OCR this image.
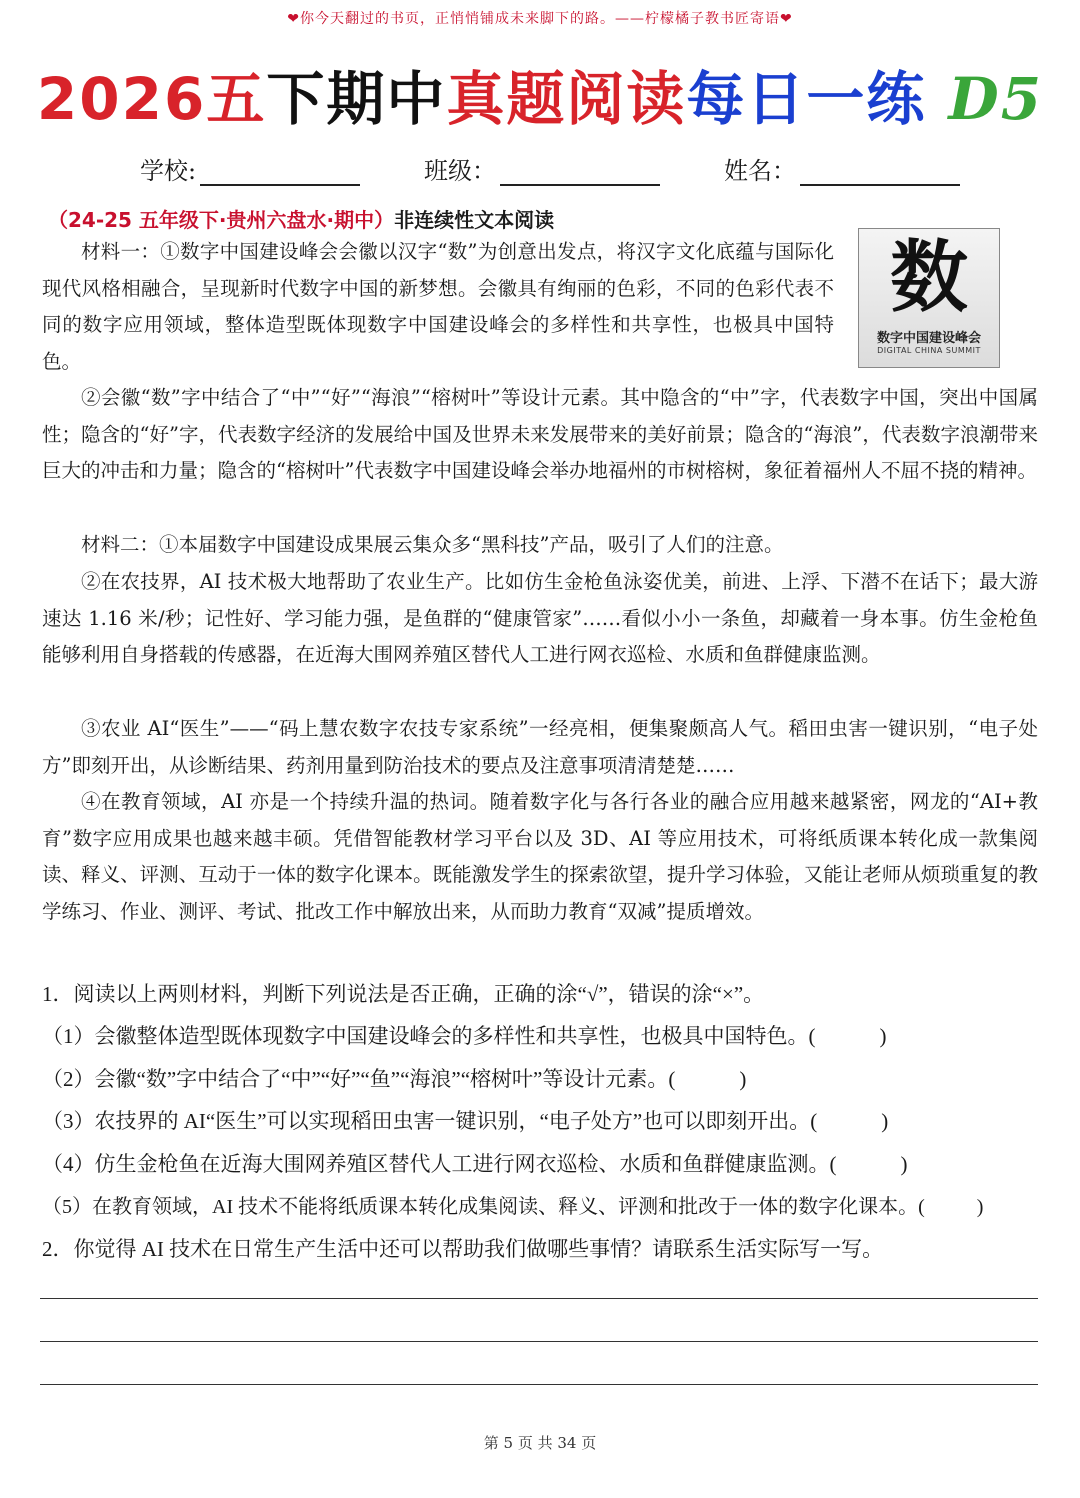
❤你今天翻过的书页，正悄悄铺成未来脚下的路。——柠檬橘子教书匠寄语❤
2026五下期中真题阅读每日一练 D5
学校:	班级：	姓名：
（24-25 五年级下·贵州六盘水·期中）非连续性文本阅读
数
数字中国建设峰会
DIGITAL CHINA SUMMIT

材料一：①数字中国建设峰会会徽以汉字“数”为创意出发点，将汉字文化底蕴与国际化现代风格相融合，呈现新时代数字中国的新梦想。会徽具有绚丽的色彩，不同的色彩代表不同的数字应用领域，整体造型既体现数字中国建设峰会的多样性和共享性，也极具中国特色。

②会徽“数”字中结合了“中”“好”“海浪”“榕树叶”等设计元素。其中隐含的“中”字，代表数字中国，突出中国属性；隐含的“好”字，代表数字经济的发展给中国及世界未来发展带来的美好前景；隐含的“海浪”，代表数字浪潮带来巨大的冲击和力量；隐含的“榕树叶”代表数字中国建设峰会举办地福州的市树榕树，象征着福州人不屈不挠的精神。

材料二：①本届数字中国建设成果展云集众多“黑科技”产品，吸引了人们的注意。

②在农技界，AI 技术极大地帮助了农业生产。比如仿生金枪鱼泳姿优美，前进、上浮、下潜不在话下；最大游速达 1.16 米/秒；记性好、学习能力强，是鱼群的“健康管家”……看似小小一条鱼，却藏着一身本事。仿生金枪鱼能够利用自身搭载的传感器，在近海大围网养殖区替代人工进行网衣巡检、水质和鱼群健康监测。

③农业 AI“医生”——“码上慧农数字农技专家系统”一经亮相，便集聚颇高人气。稻田虫害一键识别，“电子处方”即刻开出，从诊断结果、药剂用量到防治技术的要点及注意事项清清楚楚……

④在教育领域，AI 亦是一个持续升温的热词。随着数字化与各行各业的融合应用越来越紧密，网龙的“AI+教育”数字应用成果也越来越丰硕。凭借智能教材学习平台以及 3D、AI 等应用技术，可将纸质课本转化成一款集阅读、释义、评测、互动于一体的数字化课本。既能激发学生的探索欲望，提升学习体验，又能让老师从烦琐重复的教学练习、作业、测评、考试、批改工作中解放出来，从而助力教育“双减”提质增效。

1．阅读以上两则材料，判断下列说法是否正确，正确的涂“√”，错误的涂“×”。
（1）会徽整体造型既体现数字中国建设峰会的多样性和共享性，也极具中国特色。(	)
（2）会徽“数”字中结合了“中”“好”“鱼”“海浪”“榕树叶”等设计元素。(	)
（3）农技界的 AI“医生”可以实现稻田虫害一键识别，“电子处方”也可以即刻开出。(	)
（4）仿生金枪鱼在近海大围网养殖区替代人工进行网衣巡检、水质和鱼群健康监测。(	)
（5）在教育领域，AI 技术不能将纸质课本转化成集阅读、释义、评测和批改于一体的数字化课本。(	)
2．你觉得 AI 技术在日常生产生活中还可以帮助我们做哪些事情？请联系生活实际写一写。
第 5 页 共 34 页
